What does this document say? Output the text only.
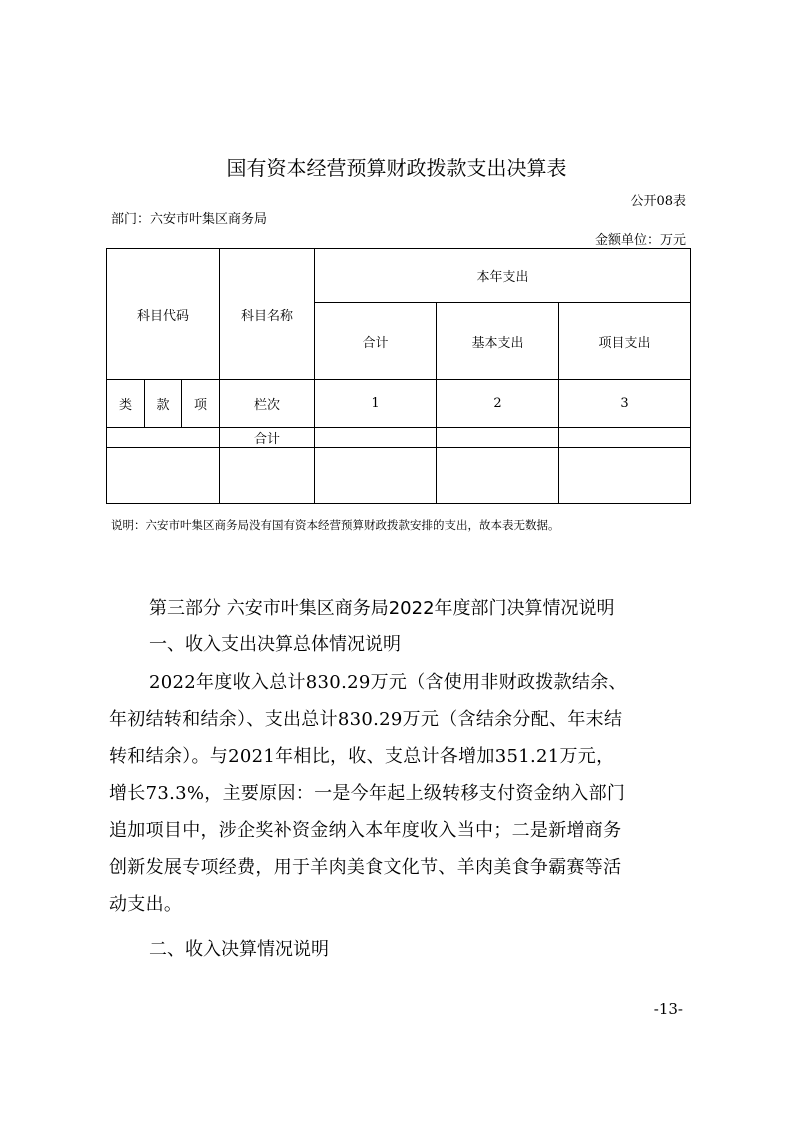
国有资本经营预算财政拨款支出决算表
公开08表
部门：六安市叶集区商务局
金额单位：万元
科目代码			科目名称	本年支出		
				合计	基本支出	项目支出
类	款	项	栏次	1	2	3
			合计			

说明：六安市叶集区商务局没有国有资本经营预算财政拨款安排的支出，故本表无数据。
第三部分 六安市叶集区商务局2022年度部门决算情况说明
一、收入支出决算总体情况说明
2022年度收入总计830.29万元（含使用非财政拨款结余、
年初结转和结余）、支出总计830.29万元（含结余分配、年末结
转和结余）。与2021年相比，收、支总计各增加351.21万元，
增长73.3%，主要原因：一是今年起上级转移支付资金纳入部门
追加项目中，涉企奖补资金纳入本年度收入当中；二是新增商务
创新发展专项经费，用于羊肉美食文化节、羊肉美食争霸赛等活
动支出。
二、收入决算情况说明
-13-
